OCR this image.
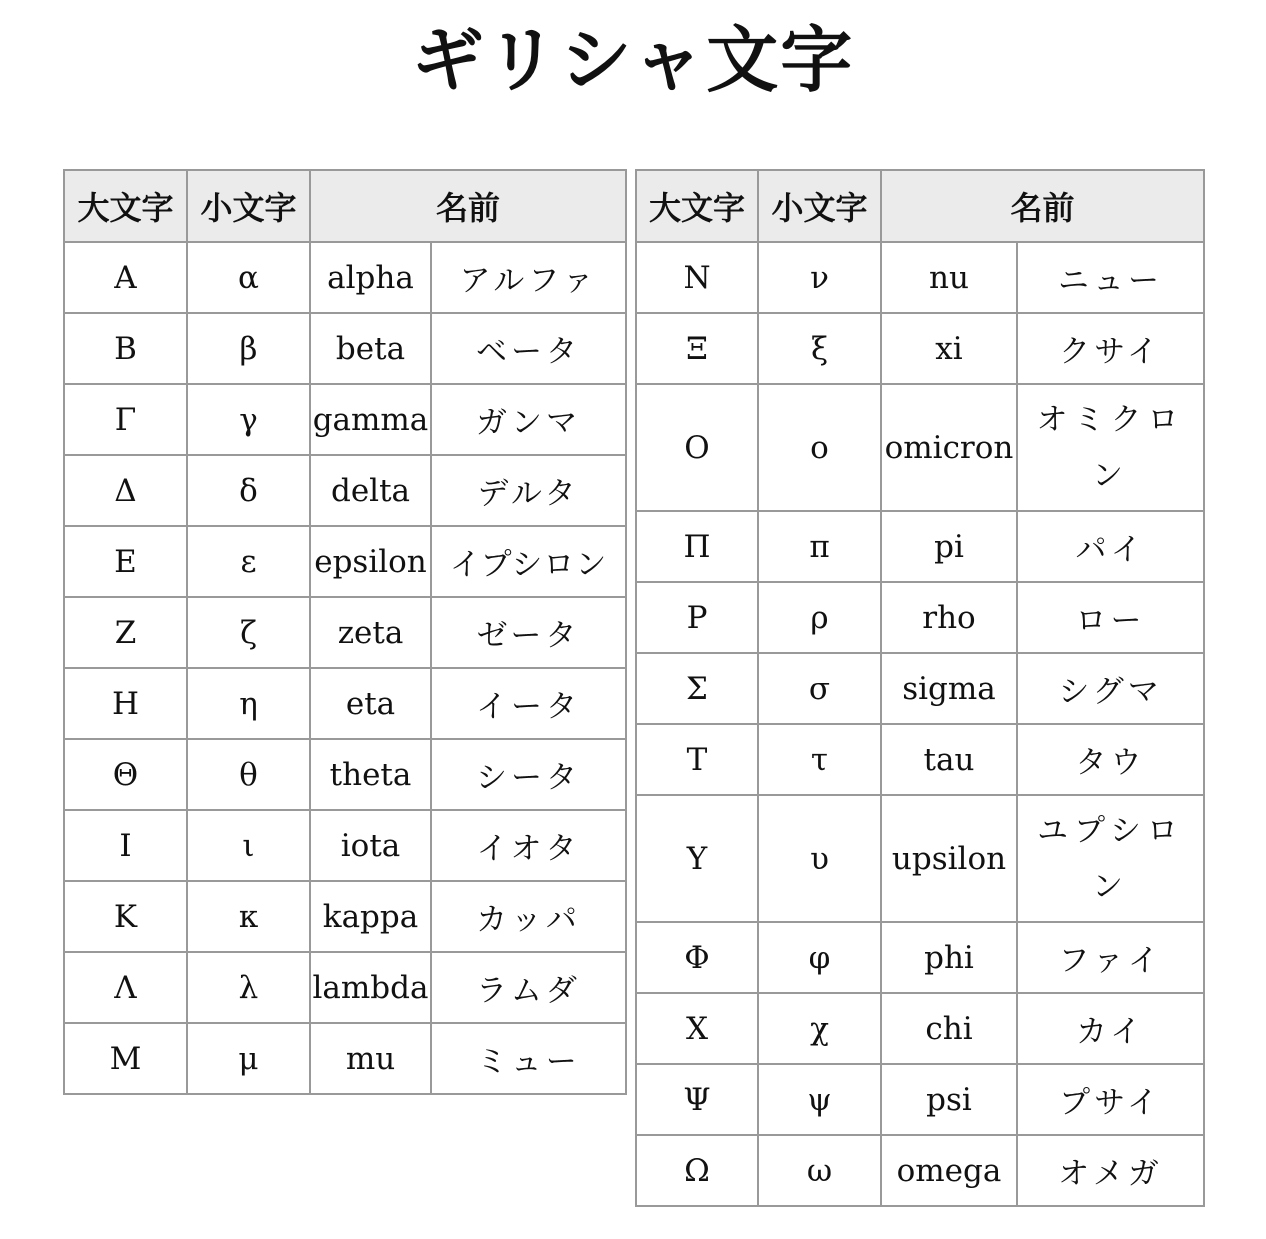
ギリシャ文字
大文字	小文字	名前	
Α	α	alpha	アルファ
Β	β	beta	ベータ
Γ	γ	gamma	ガンマ
Δ	δ	delta	デルタ
Ε	ε	epsilon	イプシロン
Ζ	ζ	zeta	ゼータ
Η	η	eta	イータ
Θ	θ	theta	シータ
Ι	ι	iota	イオタ
Κ	κ	kappa	カッパ
Λ	λ	lambda	ラムダ
Μ	μ	mu	ミュー
大文字	小文字	名前	
Ν	ν	nu	ニュー
Ξ	ξ	xi	クサイ
Ο	ο	omicron	オミクロン
Π	π	pi	パイ
Ρ	ρ	rho	ロー
Σ	σ	sigma	シグマ
Τ	τ	tau	タウ
Υ	υ	upsilon	ユプシロン
Φ	φ	phi	ファイ
Χ	χ	chi	カイ
Ψ	ψ	psi	プサイ
Ω	ω	omega	オメガ
